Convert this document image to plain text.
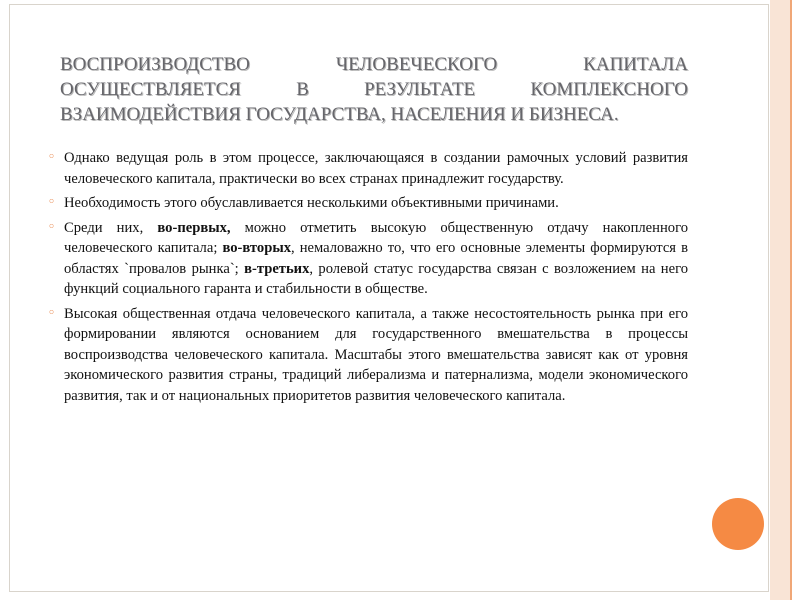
ВОСПРОИЗВОДСТВО ЧЕЛОВЕЧЕСКОГО КАПИТАЛА ОСУЩЕСТВЛЯЕТСЯ В РЕЗУЛЬТАТЕ КОМПЛЕКСНОГО ВЗАИМОДЕЙСТВИЯ ГОСУДАРСТВА, НАСЕЛЕНИЯ И БИЗНЕСА.
◦
Однако ведущая роль в этом процессе, заключающаяся в создании рамочных условий развития человеческого капитала, практически во всех странах принадлежит государству.
◦
Необходимость этого обуславливается несколькими объективными причинами.
◦
Среди них, во-первых, можно отметить высокую общественную отдачу накопленного человеческого капитала; во-вторых, немаловажно то, что его основные элементы формируются в областях `провалов рынка`; в-третьих, ролевой статус государства связан с возложением на него функций социального гаранта и стабильности в обществе.
◦
Высокая общественная отдача человеческого капитала, а также несостоятельность рынка при его формировании являются основанием для государственного вмешательства в процессы воспроизводства человеческого капитала. Масштабы этого вмешательства зависят как от уровня экономического развития страны, традиций либерализма и патернализма, модели экономического развития, так и от национальных приоритетов развития человеческого капитала.
